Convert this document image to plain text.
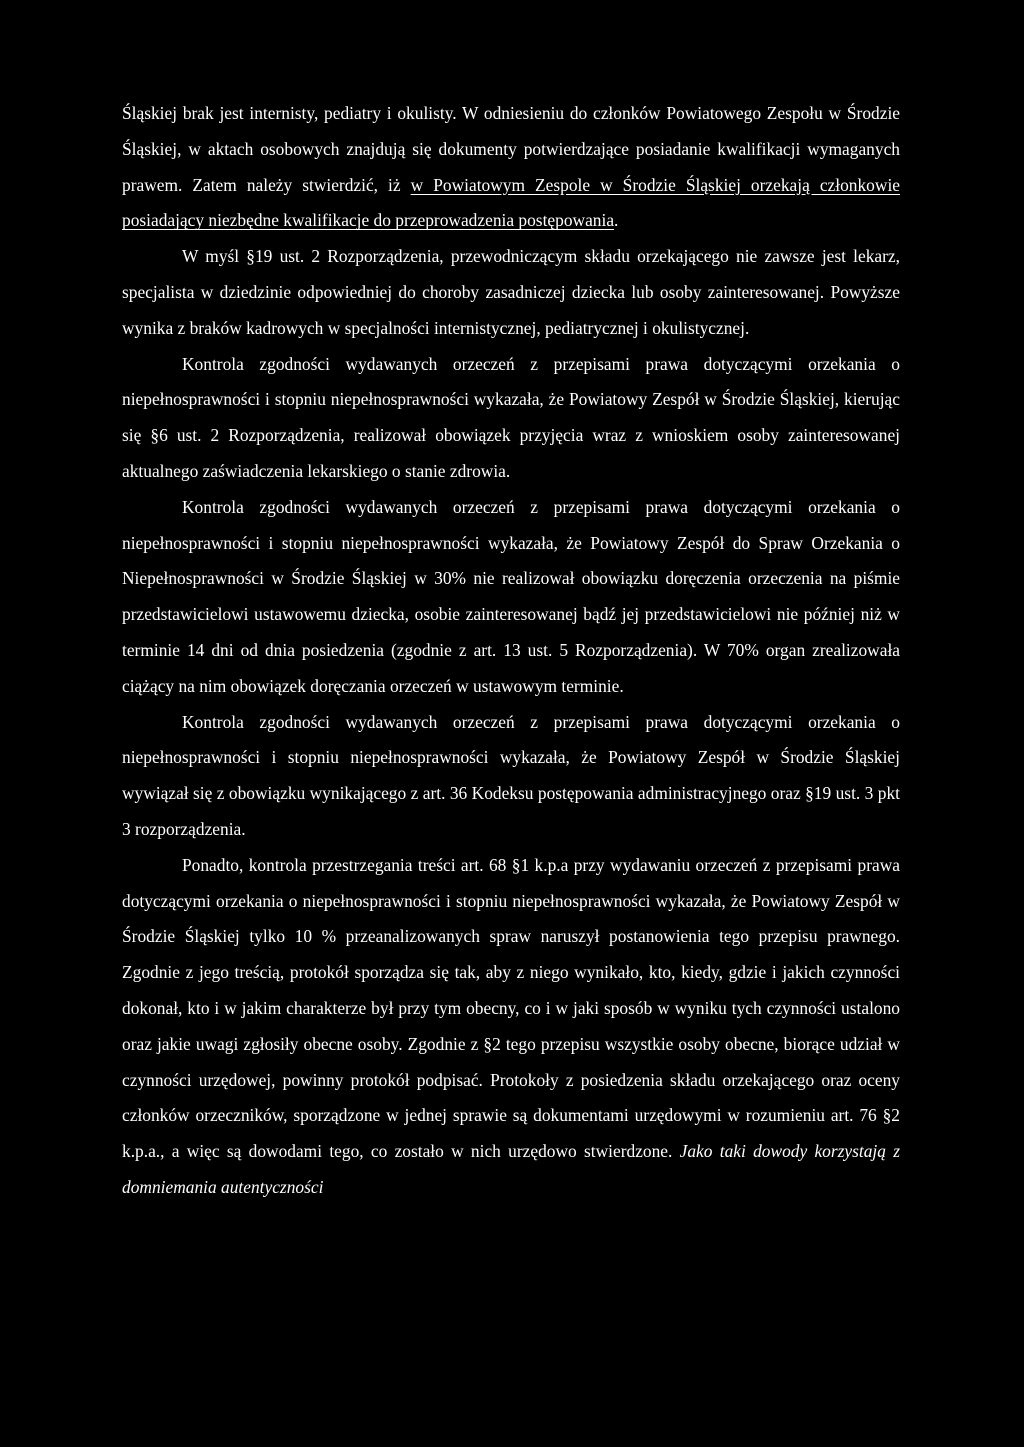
Śląskiej brak jest internisty, pediatry i okulisty. W odniesieniu do członków Powiatowego Zespołu w Środzie Śląskiej, w aktach osobowych znajdują się dokumenty potwierdzające posiadanie kwalifikacji wymaganych prawem. Zatem należy stwierdzić, iż w Powiatowym Zespole w Środzie Śląskiej orzekają członkowie posiadający niezbędne kwalifikacje do przeprowadzenia postępowania.

W myśl §19 ust. 2 Rozporządzenia, przewodniczącym składu orzekającego nie zawsze jest lekarz, specjalista w dziedzinie odpowiedniej do choroby zasadniczej dziecka lub osoby zainteresowanej. Powyższe wynika z braków kadrowych w specjalności internistycznej, pediatrycznej i okulistycznej.

Kontrola zgodności wydawanych orzeczeń z przepisami prawa dotyczącymi orzekania o niepełnosprawności i stopniu niepełnosprawności wykazała, że Powiatowy Zespół w Środzie Śląskiej, kierując się §6 ust. 2 Rozporządzenia, realizował obowiązek przyjęcia wraz z wnioskiem osoby zainteresowanej aktualnego zaświadczenia lekarskiego o stanie zdrowia.

Kontrola zgodności wydawanych orzeczeń z przepisami prawa dotyczącymi orzekania o niepełnosprawności i stopniu niepełnosprawności wykazała, że Powiatowy Zespół do Spraw Orzekania o Niepełnosprawności w Środzie Śląskiej w 30% nie realizował obowiązku doręczenia orzeczenia na piśmie przedstawicielowi ustawowemu dziecka, osobie zainteresowanej bądź jej przedstawicielowi nie później niż w terminie 14 dni od dnia posiedzenia (zgodnie z art. 13 ust. 5 Rozporządzenia). W 70% organ zrealizowała ciążący na nim obowiązek doręczania orzeczeń w ustawowym terminie.

Kontrola zgodności wydawanych orzeczeń z przepisami prawa dotyczącymi orzekania o niepełnosprawności i stopniu niepełnosprawności wykazała, że Powiatowy Zespół w Środzie Śląskiej wywiązał się z obowiązku wynikającego z art. 36 Kodeksu postępowania administracyjnego oraz §19 ust. 3 pkt 3 rozporządzenia.

Ponadto, kontrola przestrzegania treści art. 68 §1 k.p.a przy wydawaniu orzeczeń z przepisami prawa dotyczącymi orzekania o niepełnosprawności i stopniu niepełnosprawności wykazała, że Powiatowy Zespół w Środzie Śląskiej tylko 10 % przeanalizowanych spraw naruszył postanowienia tego przepisu prawnego. Zgodnie z jego treścią, protokół sporządza się tak, aby z niego wynikało, kto, kiedy, gdzie i jakich czynności dokonał, kto i w jakim charakterze był przy tym obecny, co i w jaki sposób w wyniku tych czynności ustalono oraz jakie uwagi zgłosiły obecne osoby. Zgodnie z §2 tego przepisu wszystkie osoby obecne, biorące udział w czynności urzędowej, powinny protokół podpisać. Protokoły z posiedzenia składu orzekającego oraz oceny członków orzeczników, sporządzone w jednej sprawie są dokumentami urzędowymi w rozumieniu art. 76 §2 k.p.a., a więc są dowodami tego, co zostało w nich urzędowo stwierdzone. Jako taki dowody korzystają z domniemania autentyczności
